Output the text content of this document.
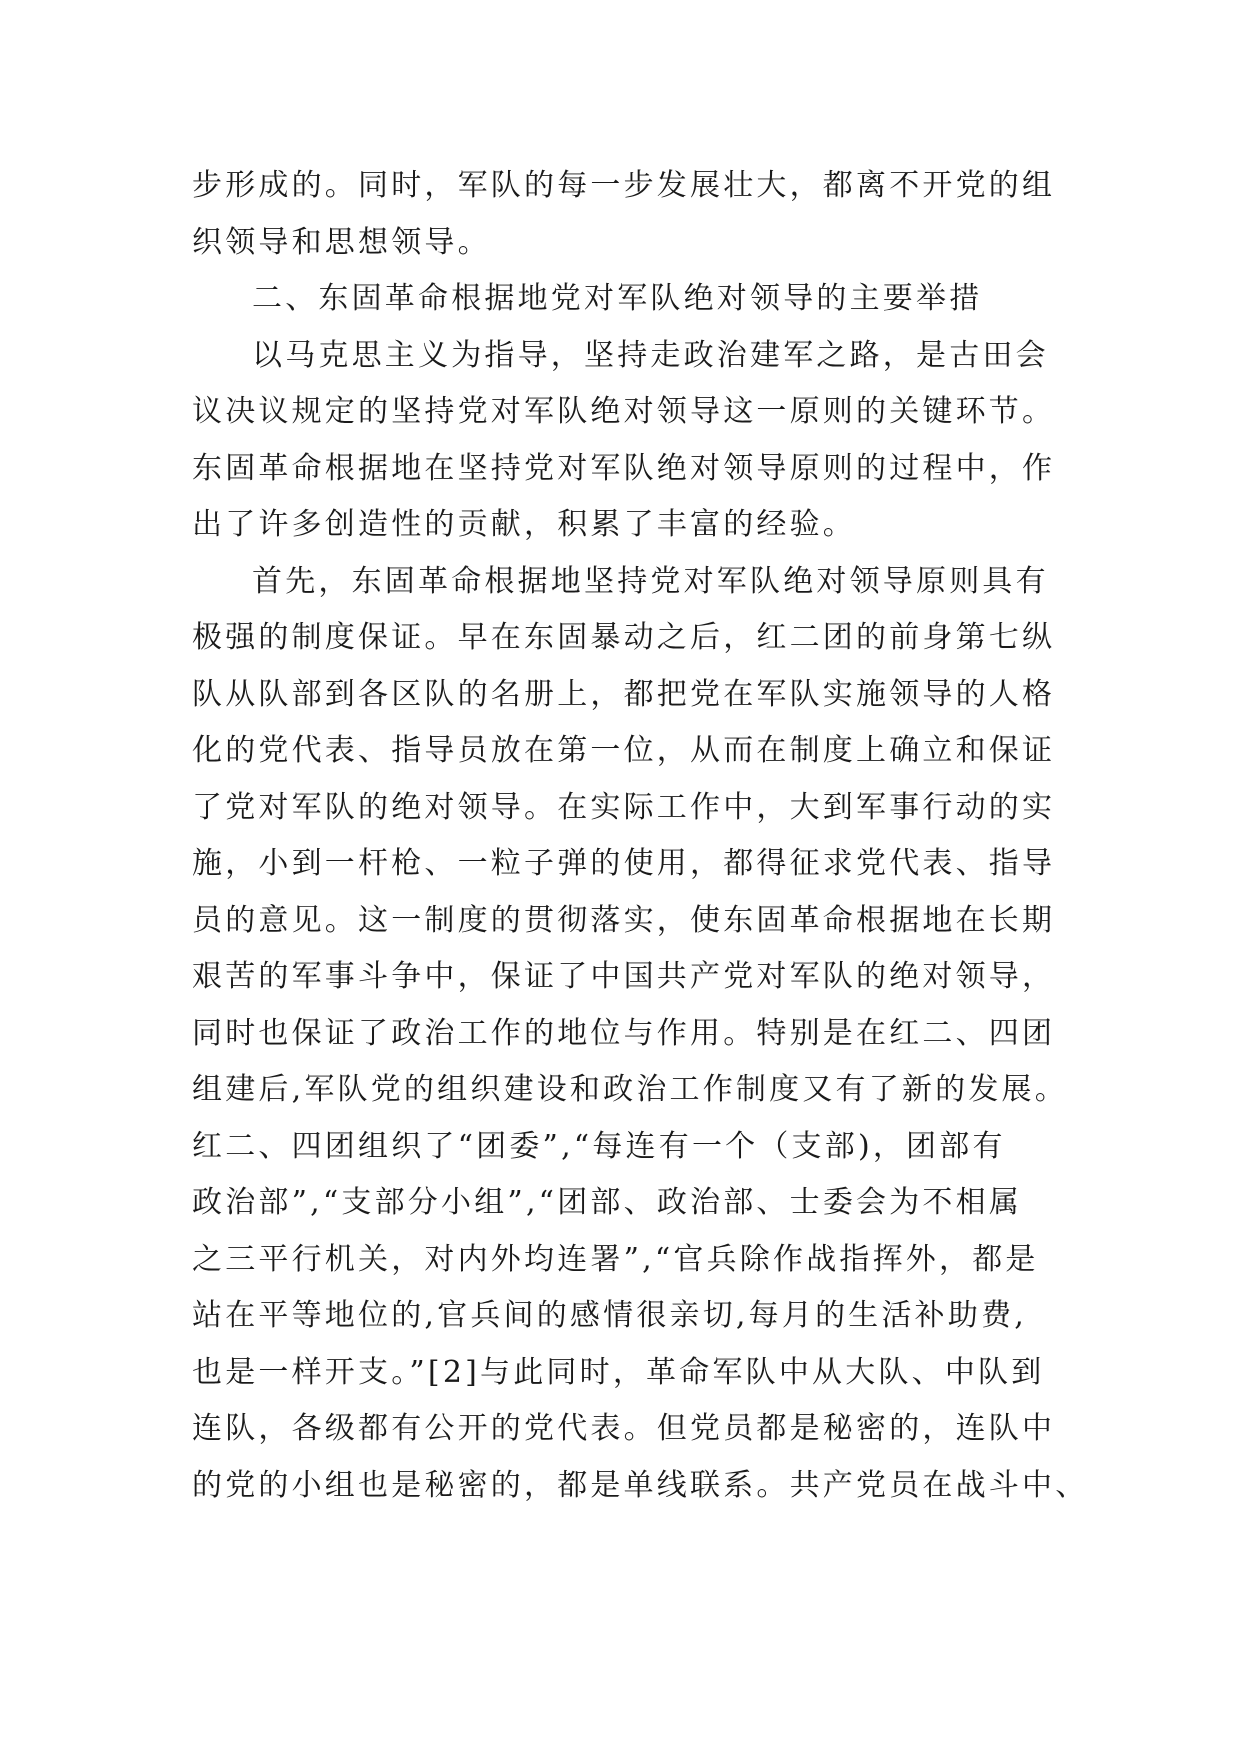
步形成的。同时，军队的每一步发展壮大，都离不开党的组
织领导和思想领导。
二、东固革命根据地党对军队绝对领导的主要举措
以马克思主义为指导，坚持走政治建军之路，是古田会
议决议规定的坚持党对军队绝对领导这一原则的关键环节。
东固革命根据地在坚持党对军队绝对领导原则的过程中，作
出了许多创造性的贡献，积累了丰富的经验。
首先，东固革命根据地坚持党对军队绝对领导原则具有
极强的制度保证。早在东固暴动之后，红二团的前身第七纵
队从队部到各区队的名册上，都把党在军队实施领导的人格
化的党代表、指导员放在第一位，从而在制度上确立和保证
了党对军队的绝对领导。在实际工作中，大到军事行动的实
施，小到一杆枪、一粒子弹的使用，都得征求党代表、指导
员的意见。这一制度的贯彻落实，使东固革命根据地在长期
艰苦的军事斗争中，保证了中国共产党对军队的绝对领导，
同时也保证了政治工作的地位与作用。特别是在红二、四团
组建后,军队党的组织建设和政治工作制度又有了新的发展。
红二、四团组织了“团委”,“每连有一个（支部)，团部有
政治部”,“支部分小组”,“团部、政治部、士委会为不相属
之三平行机关，对内外均连署”,“官兵除作战指挥外，都是
站在平等地位的,官兵间的感情很亲切,每月的生活补助费,
也是一样开支。”[2]与此同时，革命军队中从大队、中队到
连队，各级都有公开的党代表。但党员都是秘密的，连队中
的党的小组也是秘密的，都是单线联系。共产党员在战斗中、
